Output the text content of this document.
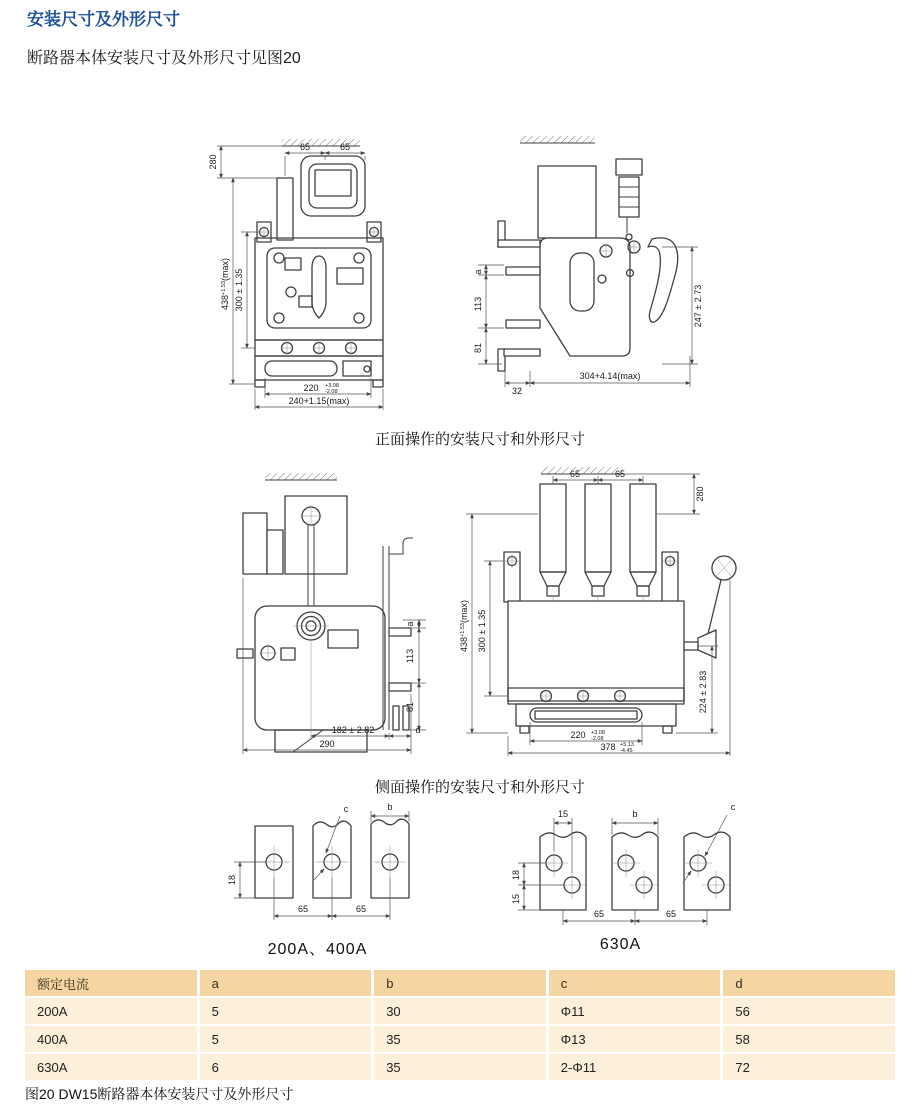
安装尺寸及外形尺寸
断路器本体安装尺寸及外形尺寸见图20
65	65
280
$438^{+1.53}(\max) 300 \pm 1.35$
220 +3.08
-2.08
240+1.15(max)
a
113
81
247 ± 2.73
32
304+4.14(max)
正面操作的安装尺寸和外形尺寸
a
113
81
182 ± 2.82	d
290
65	65
280
$438^{+1.53}(\max) 300 \pm 1.35$
224 ± 2.83
220 +3.08
-2.08
378 +5.13
-4.45
侧面操作的安装尺寸和外形尺寸
18
c	b
65	65
200A、400A
15	b
c
18
15
65	65
630A
额定电流	a	b	c	d
200A	5	30	Φ11	56
400A	5	35	Φ13	58
630A	6	35	2-Φ11	72
图20 DW15断路器本体安装尺寸及外形尺寸
